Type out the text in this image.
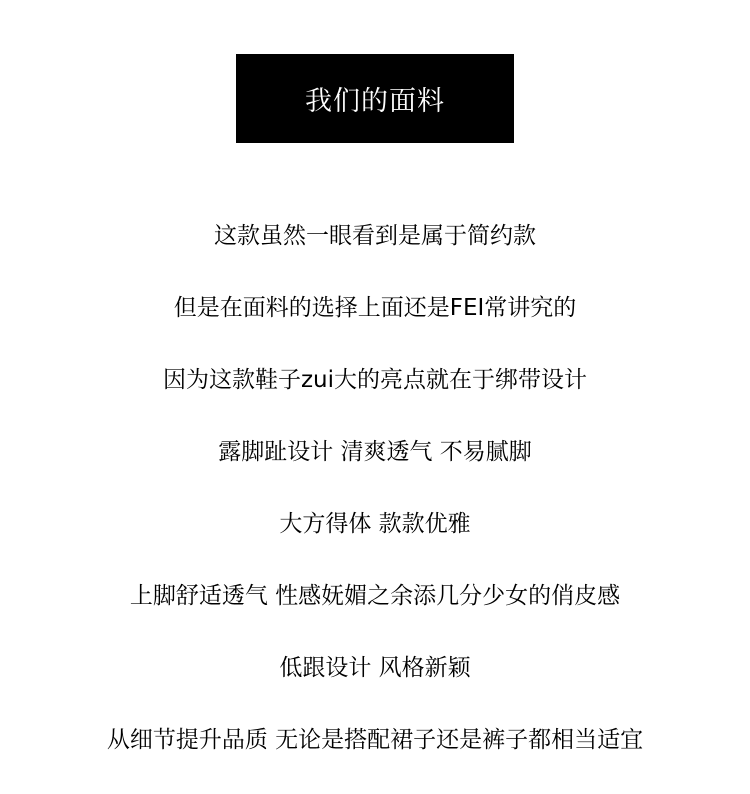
我们的面料
这款虽然一眼看到是属于简约款
但是在面料的选择上面还是FEI常讲究的
因为这款鞋子zui大的亮点就在于绑带设计
露脚趾设计 清爽透气 不易腻脚
大方得体 款款优雅
上脚舒适透气 性感妩媚之余添几分少女的俏皮感
低跟设计 风格新颖
从细节提升品质 无论是搭配裙子还是裤子都相当适宜
